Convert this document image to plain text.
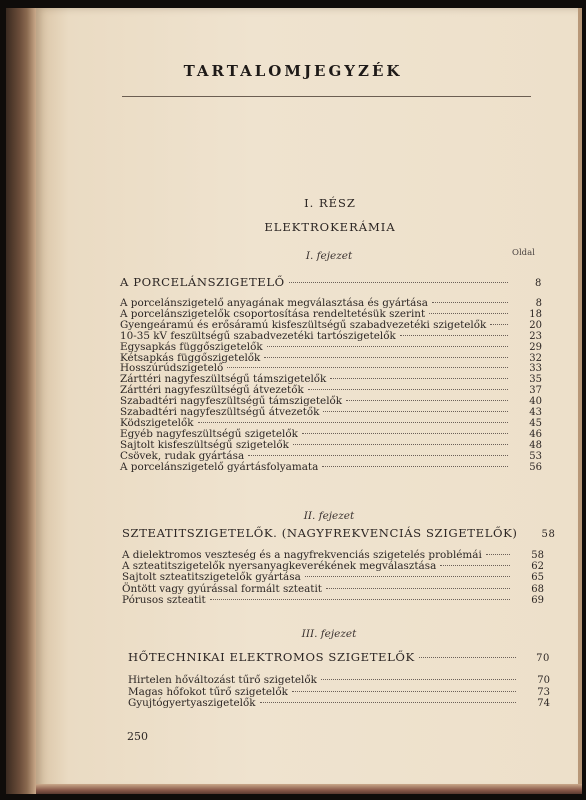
TARTALOMJEGYZÉK
I. RÉSZ
ELEKTROKERÁMIA
Oldal
I. fejezet
A PORCELÁNSZIGETELŐ	8
A porcelánszigetelő anyagának megválasztása és gyártása	8
A porcelánszigetelők csoportosítása rendeltetésük szerint	18
Gyengeáramú és erősáramú kisfeszültségű szabadvezetéki szigetelők	20
10-35 kV feszültségű szabadvezetéki tartószigetelők	23
Egysapkás függőszigetelők	29
Kétsapkás függőszigetelők	32
Hosszúrúdszigetelő	33
Zárttéri nagyfeszültségű támszigetelők	35
Zárttéri nagyfeszültségű átvezetők	37
Szabadtéri nagyfeszültségű támszigetelők	40
Szabadtéri nagyfeszültségű átvezetők	43
Ködszigetelők	45
Egyéb nagyfeszültségű szigetelők	46
Sajtolt kisfeszültségű szigetelők	48
Csövek, rudak gyártása	53
A porcelánszigetelő gyártásfolyamata	56
II. fejezet
SZTEATITSZIGETELŐK. (NAGYFREKVENCIÁS SZIGETELŐK)	58
A dielektromos veszteség és a nagyfrekvenciás szigetelés problémái	58
A szteatitszigetelők nyersanyagkeverékének megválasztása	62
Sajtolt szteatitszigetelők gyártása	65
Öntött vagy gyúrással formált szteatit	68
Pórusos szteatit	69
III. fejezet
HŐTECHNIKAI ELEKTROMOS SZIGETELŐK	70
Hirtelen hőváltozást tűrő szigetelők	70
Magas hőfokot tűrő szigetelők	73
Gyujtógyertyaszigetelők	74
250
